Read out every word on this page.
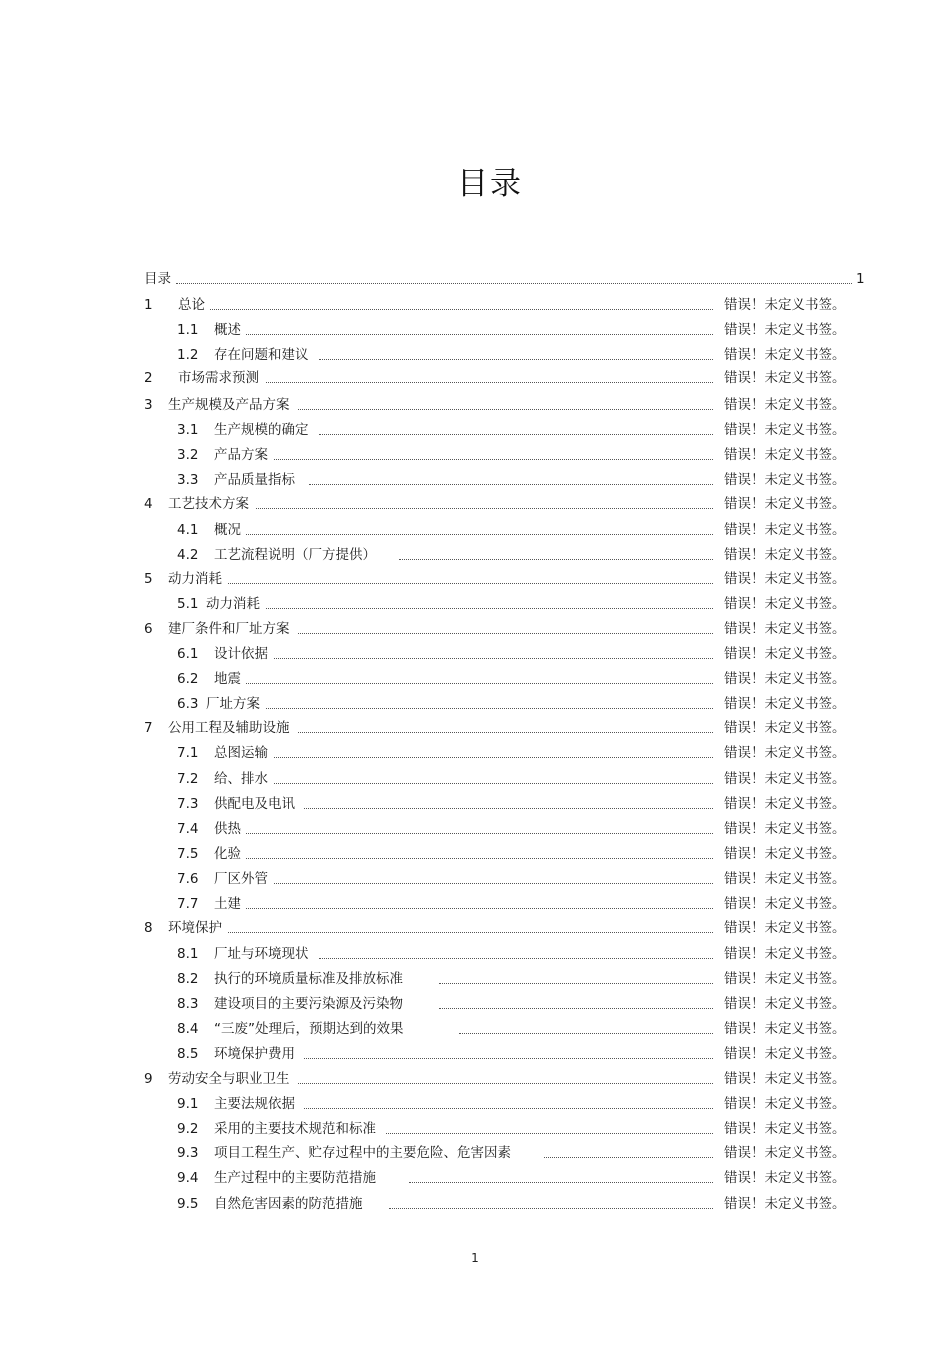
目录
目录	1
1 总论	错误！未定义书签。
1.1 概述	错误！未定义书签。
1.2 存在问题和建议	错误！未定义书签。
2 市场需求预测	错误！未定义书签。
3 生产规模及产品方案	错误！未定义书签。
3.1 生产规模的确定	错误！未定义书签。
3.2 产品方案	错误！未定义书签。
3.3 产品质量指标	错误！未定义书签。
4 工艺技术方案	错误！未定义书签。
4.1 概况	错误！未定义书签。
4.2 工艺流程说明（厂方提供）	错误！未定义书签。
5 动力消耗	错误！未定义书签。
5.1 动力消耗	错误！未定义书签。
6 建厂条件和厂址方案	错误！未定义书签。
6.1 设计依据	错误！未定义书签。
6.2 地震	错误！未定义书签。
6.3 厂址方案	错误！未定义书签。
7 公用工程及辅助设施	错误！未定义书签。
7.1 总图运输	错误！未定义书签。
7.2 给、排水	错误！未定义书签。
7.3 供配电及电讯	错误！未定义书签。
7.4 供热	错误！未定义书签。
7.5 化验	错误！未定义书签。
7.6 厂区外管	错误！未定义书签。
7.7 土建	错误！未定义书签。
8 环境保护	错误！未定义书签。
8.1 厂址与环境现状	错误！未定义书签。
8.2 执行的环境质量标准及排放标准	错误！未定义书签。
8.3 建设项目的主要污染源及污染物	错误！未定义书签。
8.4 “三废”处理后，预期达到的效果	错误！未定义书签。
8.5 环境保护费用	错误！未定义书签。
9 劳动安全与职业卫生	错误！未定义书签。
9.1 主要法规依据	错误！未定义书签。
9.2 采用的主要技术规范和标准	错误！未定义书签。
9.3 项目工程生产、贮存过程中的主要危险、危害因素	错误！未定义书签。
9.4 生产过程中的主要防范措施	错误！未定义书签。
9.5 自然危害因素的防范措施	错误！未定义书签。
1
